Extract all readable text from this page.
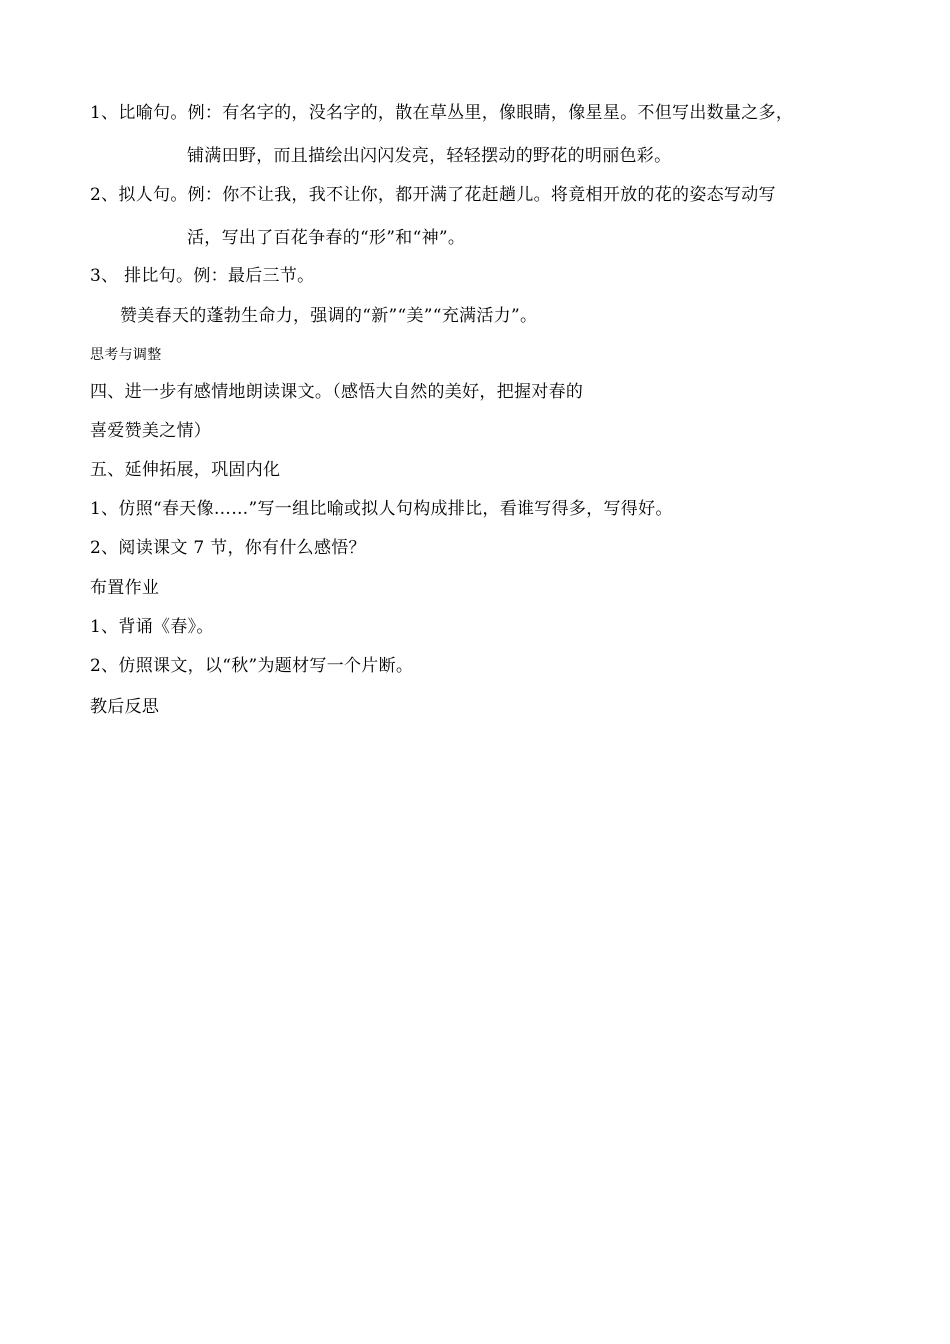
1、比喻句。例：有名字的，没名字的，散在草丛里，像眼睛，像星星。不但写出数量之多，
铺满田野，而且描绘出闪闪发亮，轻轻摆动的野花的明丽色彩。
2、拟人句。例：你不让我，我不让你，都开满了花赶趟儿。将竟相开放的花的姿态写动写
活，写出了百花争春的“形”和“神”。
3、 排比句。例：最后三节。
赞美春天的蓬勃生命力，强调的“新”“美”“充满活力”。
思考与调整
四、进一步有感情地朗读课文。（感悟大自然的美好，把握对春的
喜爱赞美之情）
五、延伸拓展，巩固内化
1、仿照“春天像……”写一组比喻或拟人句构成排比，看谁写得多，写得好。
2、阅读课文 7 节，你有什么感悟？
布置作业
1、背诵《春》。
2、仿照课文，以“秋”为题材写一个片断。
教后反思
